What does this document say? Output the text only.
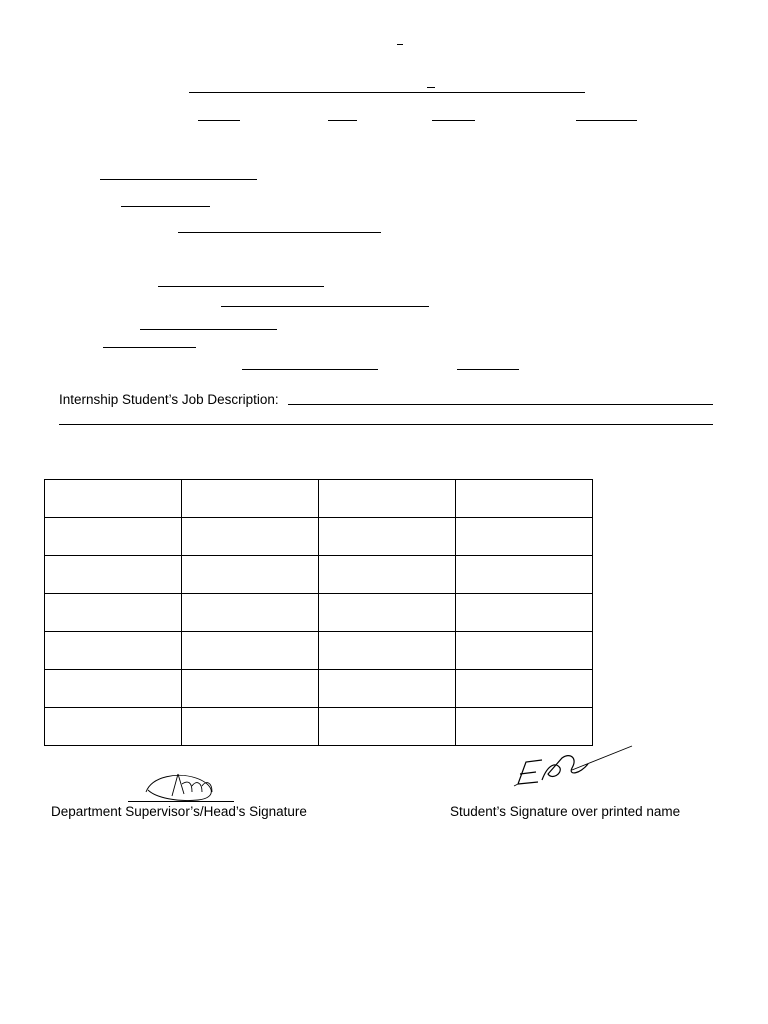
Internship Student’s Job Description:

Department Supervisor’s/Head’s Signature	Student’s Signature over printed name
